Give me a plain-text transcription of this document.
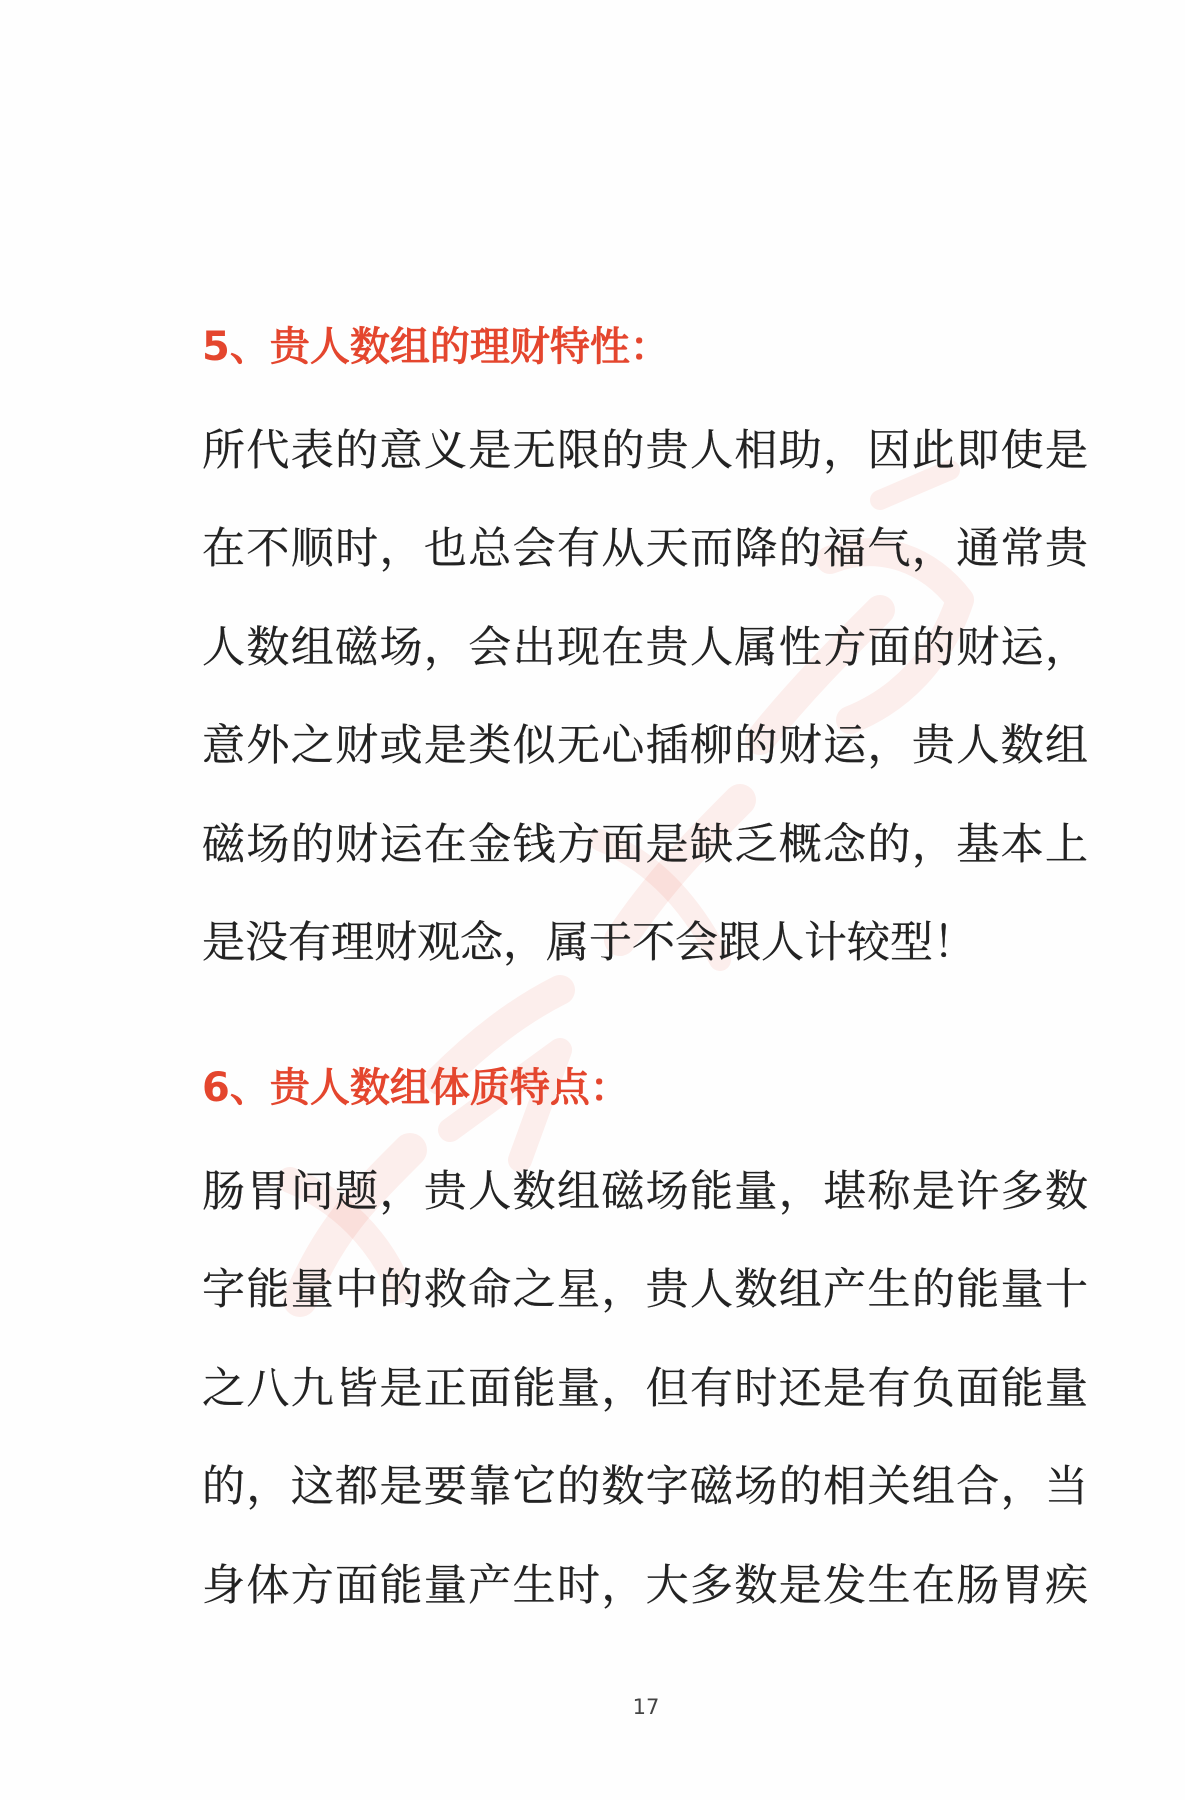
5、贵人数组的理财特性：
所代表的意义是无限的贵人相助，因此即使是
在不顺时，也总会有从天而降的福气，通常贵
人数组磁场，会出现在贵人属性方面的财运，
意外之财或是类似无心插柳的财运，贵人数组
磁场的财运在金钱方面是缺乏概念的，基本上
是没有理财观念，属于不会跟人计较型！
6、贵人数组体质特点：
肠胃问题，贵人数组磁场能量，堪称是许多数
字能量中的救命之星，贵人数组产生的能量十
之八九皆是正面能量，但有时还是有负面能量
的，这都是要靠它的数字磁场的相关组合，当
身体方面能量产生时，大多数是发生在肠胃疾
17
